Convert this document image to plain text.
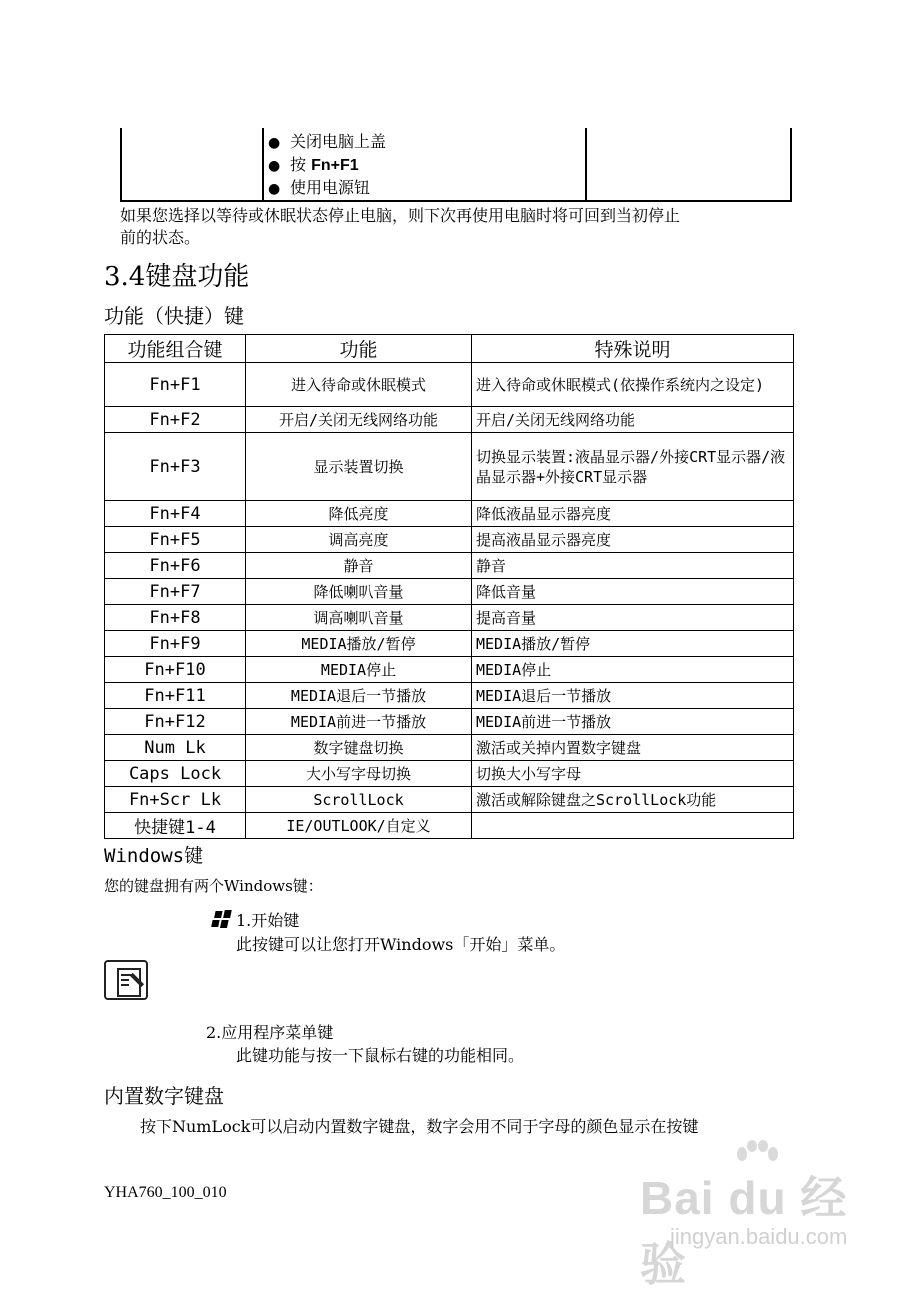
● 关闭电脑上盖
● 按 Fn+F1
● 使用电源钮
如果您选择以等待或休眠状态停止电脑，则下次再使用电脑时将可回到当初停止
前的状态。
3.4键盘功能
功能（快捷）键
功能组合键	功能	特殊说明
Fn+F1	进入待命或休眠模式	进入待命或休眠模式(依操作系统内之设定)
Fn+F2	开启/关闭无线网络功能	开启/关闭无线网络功能
Fn+F3	显示装置切换	切换显示装置:液晶显示器/外接CRT显示器/液晶显示器+外接CRT显示器
Fn+F4	降低亮度	降低液晶显示器亮度
Fn+F5	调高亮度	提高液晶显示器亮度
Fn+F6	静音	静音
Fn+F7	降低喇叭音量	降低音量
Fn+F8	调高喇叭音量	提高音量
Fn+F9	MEDIA播放/暂停	MEDIA播放/暂停
Fn+F10	MEDIA停止	MEDIA停止
Fn+F11	MEDIA退后一节播放	MEDIA退后一节播放
Fn+F12	MEDIA前进一节播放	MEDIA前进一节播放
Num Lk	数字键盘切换	激活或关掉内置数字键盘
Caps Lock	大小写字母切换	切换大小写字母
Fn+Scr Lk	ScrollLock	激活或解除键盘之ScrollLock功能
快捷键1-4	IE/OUTLOOK/自定义	
Windows键
您的键盘拥有两个Windows键：
1.开始键
此按键可以让您打开Windows「开始」菜单。
2.应用程序菜单键
此键功能与按一下鼠标右键的功能相同。
内置数字键盘
按下NumLock可以启动内置数字键盘，数字会用不同于字母的颜色显示在按键
YHA760_100_010	Bai du 经验
jingyan.baidu.com
